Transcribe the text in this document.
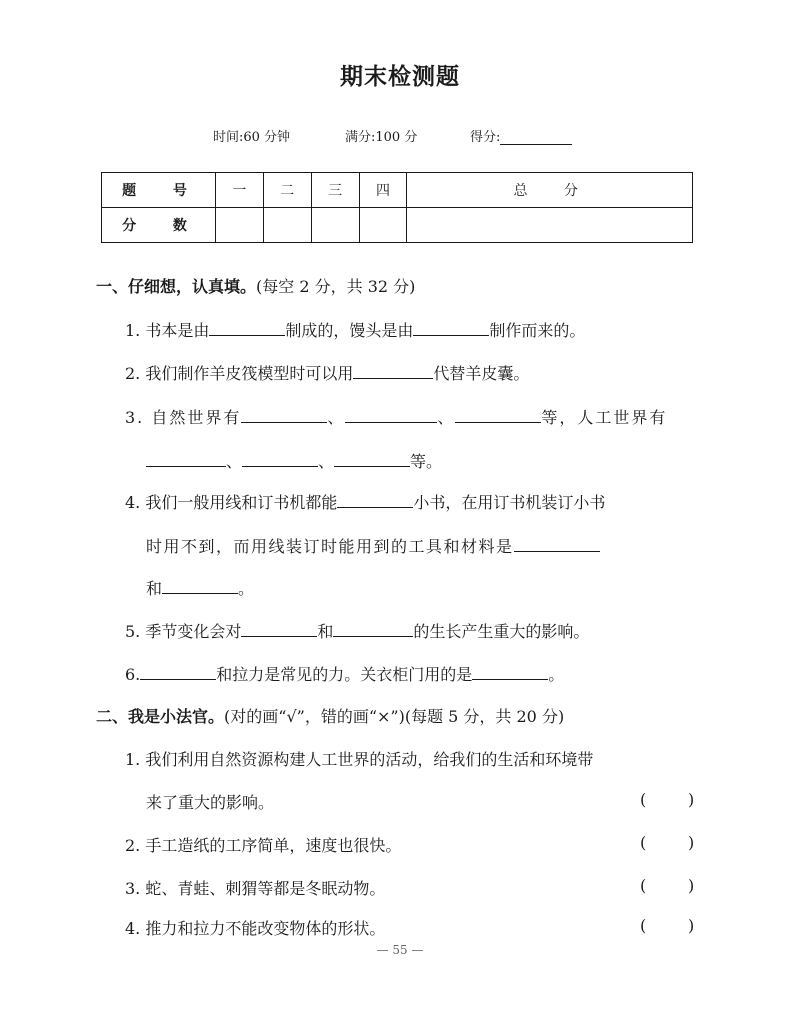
期末检测题
时间:60 分钟	满分:100 分	得分:
题 号	一	二	三	四	总 分
分 数					
一、仔细想，认真填。(每空 2 分，共 32 分)
1. 书本是由	制成的，馒头是由	制作而来的。
2. 我们制作羊皮筏模型时可以用	代替羊皮囊。
3. 自然世界有	、	、	等，人工世界有
、	、	等。
4. 我们一般用线和订书机都能	小书，在用订书机装订小书
时用不到，而用线装订时能用到的工具和材料是
和	。
5. 季节变化会对	和	的生长产生重大的影响。
6.	和拉力是常见的力。关衣柜门用的是	。
二、我是小法官。(对的画“√”，错的画“×”)(每题 5 分，共 20 分)
1. 我们利用自然资源构建人工世界的活动，给我们的生活和环境带
来了重大的影响。	(	)
2. 手工造纸的工序简单，速度也很快。	(	)
3. 蛇、青蛙、刺猬等都是冬眠动物。	(	)
4. 推力和拉力不能改变物体的形状。	(	)
— 55 —
